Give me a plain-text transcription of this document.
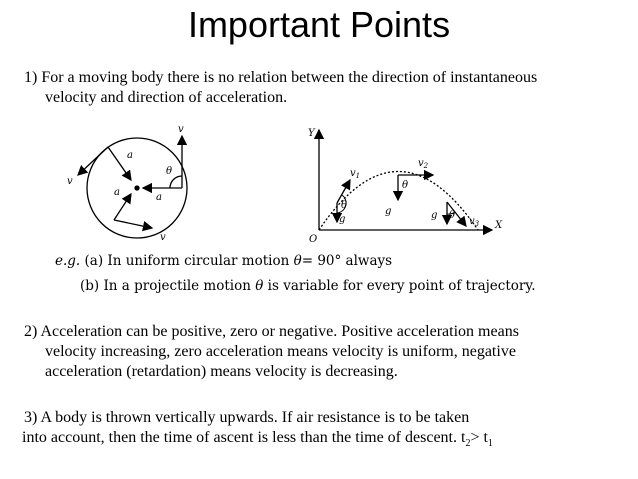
Important Points
1) For a moving body there is no relation between the direction of instantaneous
velocity and direction of acceleration.
v
v
v
a
a	a
θ
Y
X
O
$v_1$
$v_2$
$v_3$
g
g	g
θ
θ
θ
e.g. (a) In uniform circular motion θ= 90° always
(b) In a projectile motion θ is variable for every point of trajectory.
2) Acceleration can be positive, zero or negative. Positive acceleration means
velocity increasing, zero acceleration means velocity is uniform, negative
acceleration (retardation) means velocity is decreasing.
3) A body is thrown vertically upwards. If air resistance is to be taken
into account, then the time of ascent is less than the time of descent. $t_2> t_1$
